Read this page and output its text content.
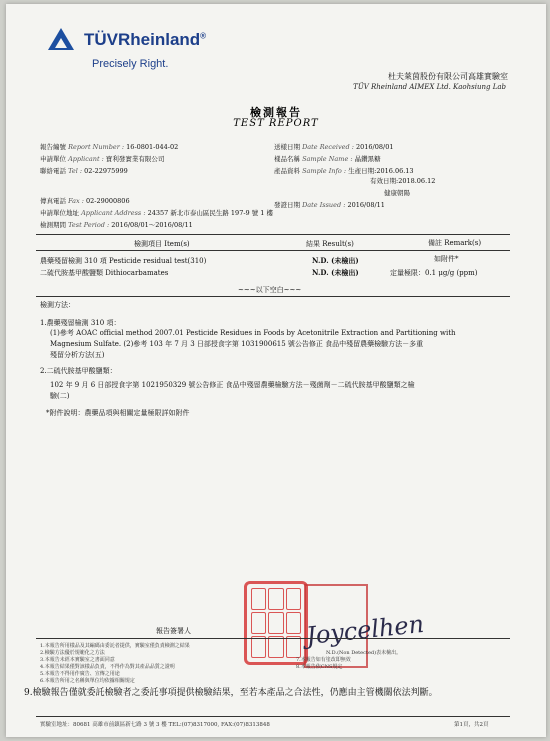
TÜVRheinland®
Precisely Right.
杜夫萊茵股份有限公司高雄實驗室
TÜV Rheinland AIMEX Ltd. Kaohsiung Lab
檢測報告
TEST REPORT
報告編號 Report Number : 16-0801-044-02
申請單位 Applicant : 寶利發實業有限公司
聯絡電話 Tel : 02-22975999
傳真電話 Fax : 02-29000806
申請單位地址 Applicant Address : 24357 新北市泰山區民生路 197-9 號 1 樓
檢測期間 Test Period : 2016/08/01～2016/08/11
送樣日期 Date Received : 2016/08/01
樣品名稱 Sample Name : 晶鑽黑糖
產品資料 Sample Info : 生產日期:2016.06.13
有效日期:2018.06.12
健康朝陽
發證日期 Date Issued : 2016/08/11
檢測項目 Item(s)	結果 Result(s)	備註 Remark(s)
農藥殘留檢測 310 項 Pesticide residual test(310)	N.D. (未檢出)	如附件*
二硫代胺基甲酸鹽類 Dithiocarbamates	N.D. (未檢出)	定量極限：0.1 μg/g (ppm)
~~~以下空白~~~
檢測方法：
1.農藥殘留檢測 310 項：
(1)參考 AOAC official method 2007.01 Pesticide Residues in Foods by Acetonitrile Extraction and Partitioning with
Magnesium Sulfate. (2)參考 103 年 7 月 3 日部授食字第 1031900615 號公告修正 食品中殘留農藥檢驗方法－多重
殘留分析方法(五)
2.二硫代胺基甲酸鹽類：
102 年 9 月 6 日部授食字第 1021950329 號公告修正 食品中殘留農藥檢驗方法－殘菌劑－二硫代胺基甲酸鹽類之檢
驗(二)
*附件說明：農藥品項與相關定量極限詳如附件
Joycelhen
報告簽署人
1.本報告所用樣品及其編碼由委託者提供，實驗室僅負責檢測之結果
2.檢驗方法優於規範化之方法
3.本報告未經本實驗室之書面同意
4.本報告結果僅對該樣品負責，不得作為對其產品品質之證明
5.本報告不得用作廣告、宣傳之用途
6.本報告所用之名稱與單位均依據相關規定
7.本報告如有塗改即無效
8.本報告依CNS規定
N.D.(Non Detected)表未檢出。
9.檢驗報告僅就委託檢驗者之委託事項提供檢驗結果，至若本產品之合法性，仍應由主管機關依法判斷。
實驗室地址：80681 高雄市前鎮區新七路 3 號 3 樓 TEL:(07)8317000, FAX:(07)8313848	第1頁，共2頁
